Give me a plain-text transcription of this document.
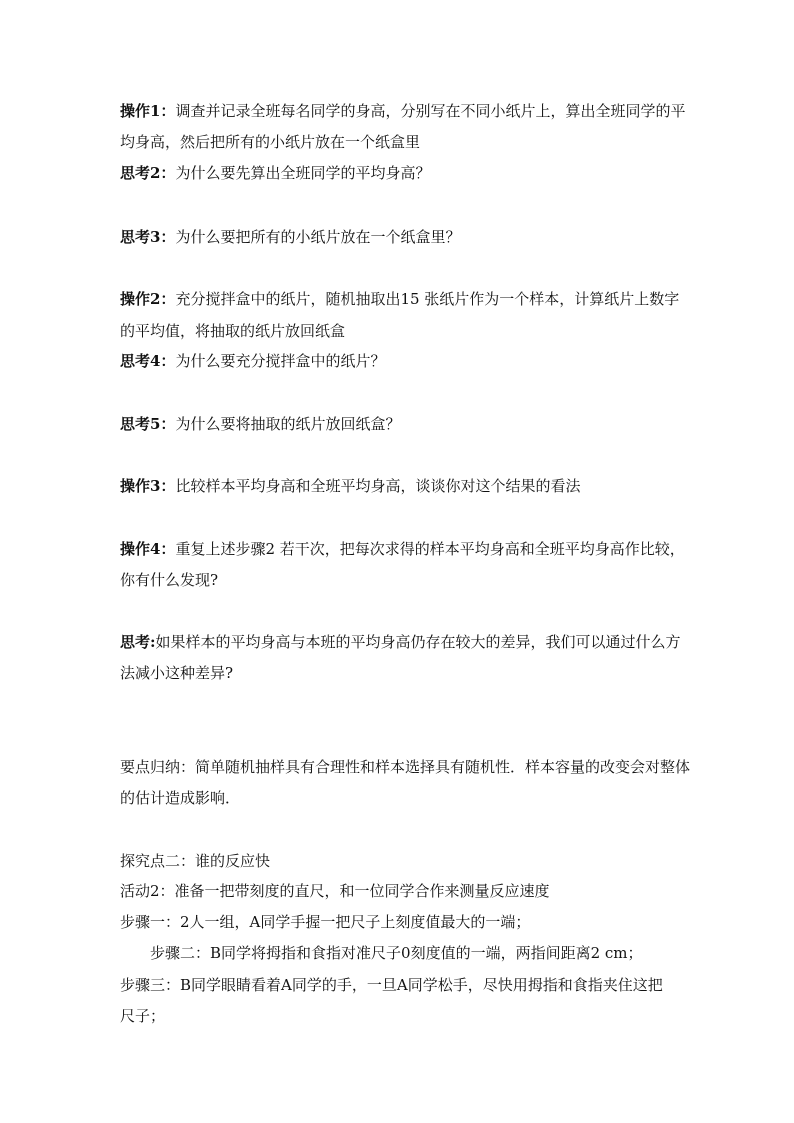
操作1：调查并记录全班每名同学的身高，分别写在不同小纸片上，算出全班同学的平
均身高，然后把所有的小纸片放在一个纸盒里
思考2：为什么要先算出全班同学的平均身高？
思考3：为什么要把所有的小纸片放在一个纸盒里？
操作2：充分搅拌盒中的纸片，随机抽取出15 张纸片作为一个样本，计算纸片上数字
的平均值，将抽取的纸片放回纸盒
思考4：为什么要充分搅拌盒中的纸片？
思考5：为什么要将抽取的纸片放回纸盒？
操作3：比较样本平均身高和全班平均身高，谈谈你对这个结果的看法
操作4：重复上述步骤2 若干次，把每次求得的样本平均身高和全班平均身高作比较，
你有什么发现?
思考:如果样本的平均身高与本班的平均身高仍存在较大的差异，我们可以通过什么方
法减小这种差异?
要点归纳：简单随机抽样具有合理性和样本选择具有随机性．样本容量的改变会对整体
的估计造成影响．
探究点二：谁的反应快
活动2：准备一把带刻度的直尺，和一位同学合作来测量反应速度
步骤一：2人一组，A同学手握一把尺子上刻度值最大的一端；
步骤二：B同学将拇指和食指对准尺子0刻度值的一端，两指间距离2 cm；
步骤三：B同学眼睛看着A同学的手，一旦A同学松手，尽快用拇指和食指夹住这把
尺子；
